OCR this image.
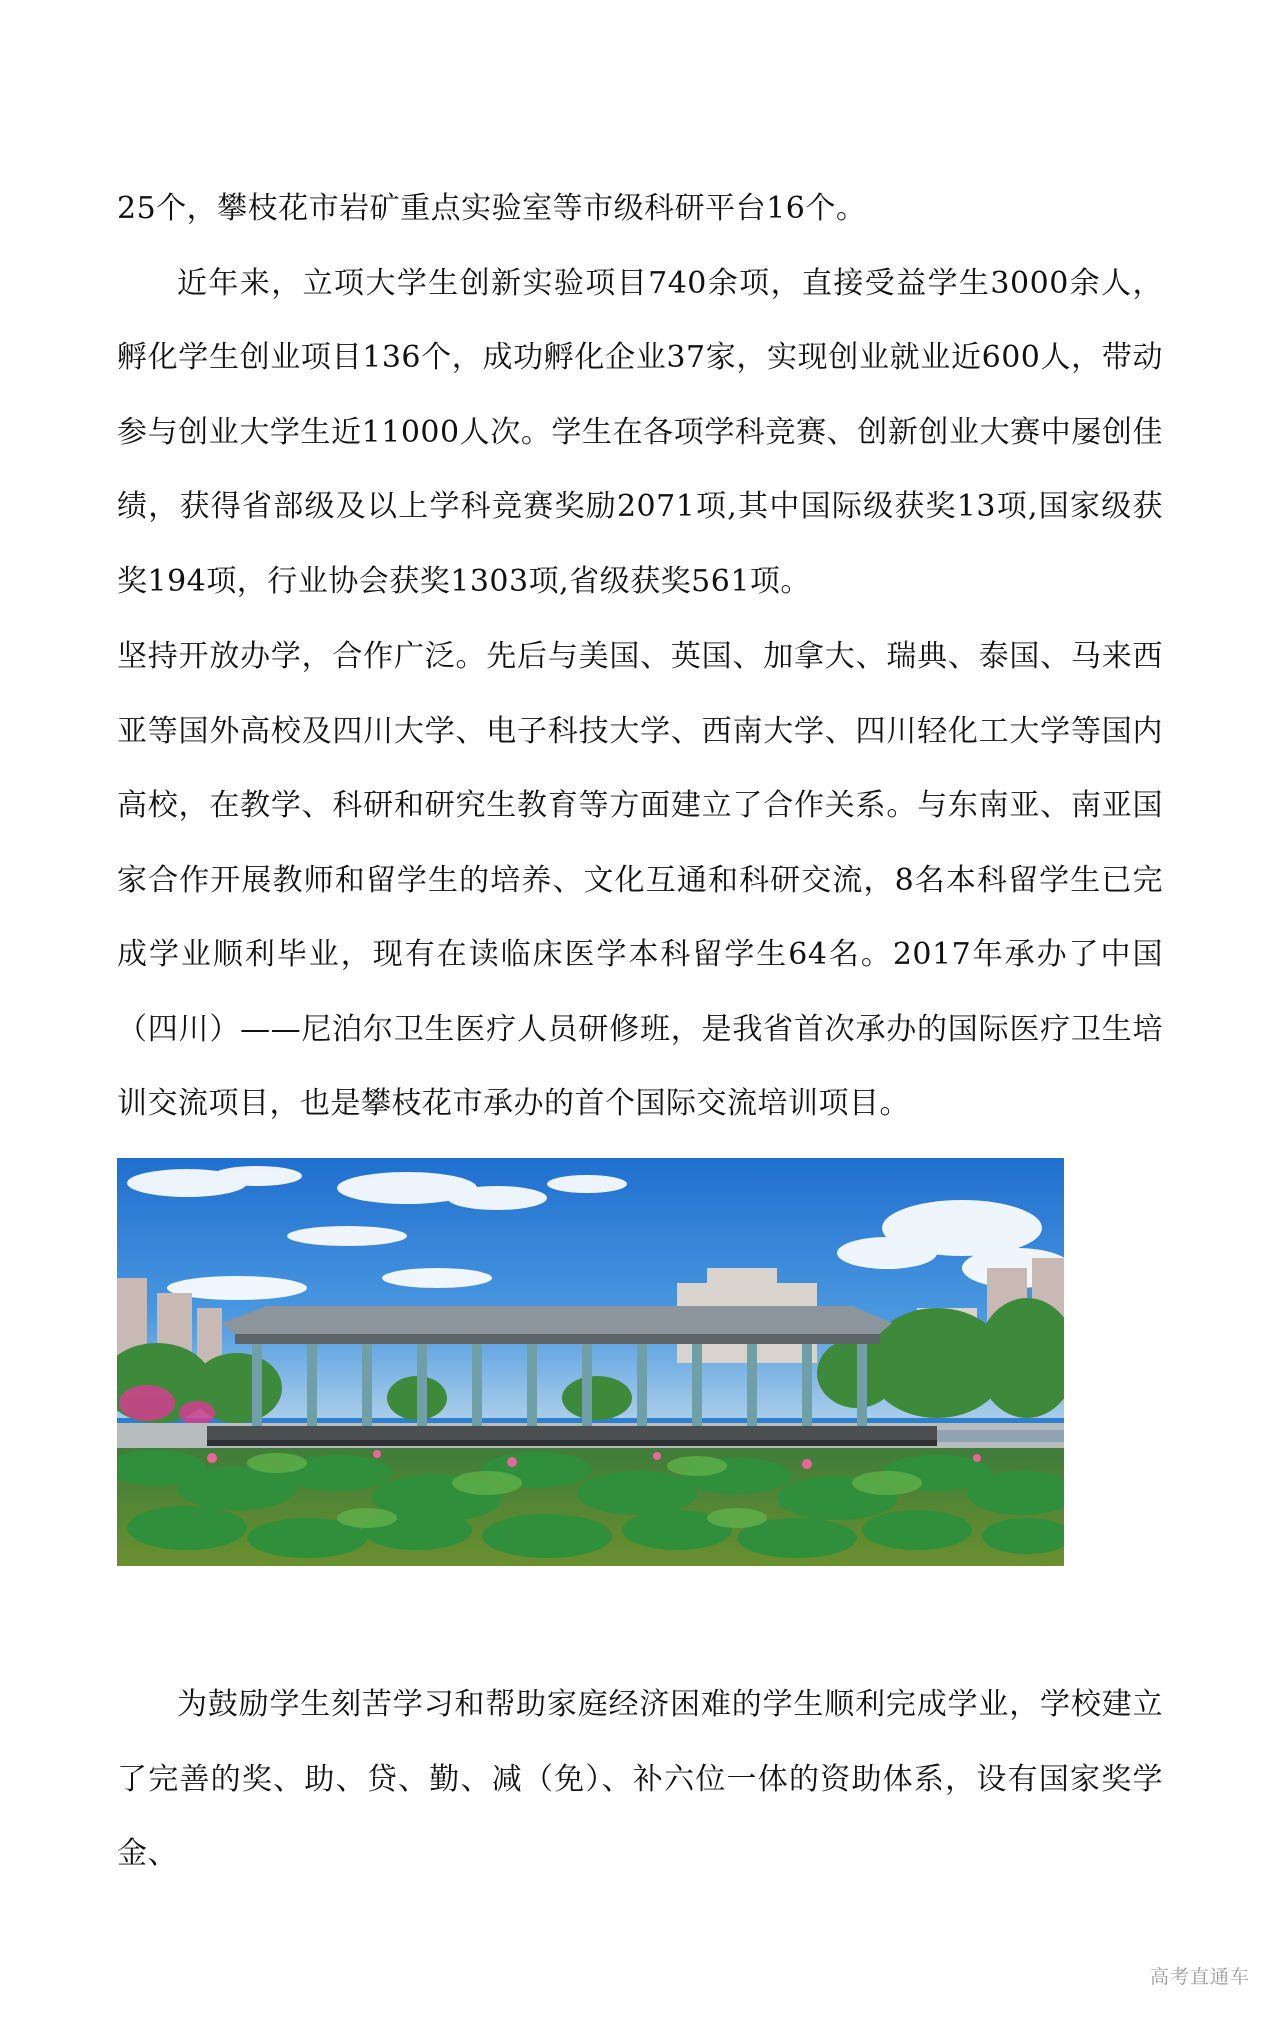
25个，攀枝花市岩矿重点实验室等市级科研平台16个。

近年来，立项大学生创新实验项目740余项，直接受益学生3000余人，孵化学生创业项目136个，成功孵化企业37家，实现创业就业近600人，带动参与创业大学生近11000人次。学生在各项学科竞赛、创新创业大赛中屡创佳绩，获得省部级及以上学科竞赛奖励2071项,其中国际级获奖13项,国家级获奖194项，行业协会获奖1303项,省级获奖561项。

坚持开放办学，合作广泛。先后与美国、英国、加拿大、瑞典、泰国、马来西亚等国外高校及四川大学、电子科技大学、西南大学、四川轻化工大学等国内高校，在教学、科研和研究生教育等方面建立了合作关系。与东南亚、南亚国家合作开展教师和留学生的培养、文化互通和科研交流，8名本科留学生已完成学业顺利毕业，现有在读临床医学本科留学生64名。2017年承办了中国（四川）——尼泊尔卫生医疗人员研修班，是我省首次承办的国际医疗卫生培训交流项目，也是攀枝花市承办的首个国际交流培训项目。

为鼓励学生刻苦学习和帮助家庭经济困难的学生顺利完成学业，学校建立了完善的奖、助、贷、勤、减（免）、补六位一体的资助体系，设有国家奖学金、

高考直通车
